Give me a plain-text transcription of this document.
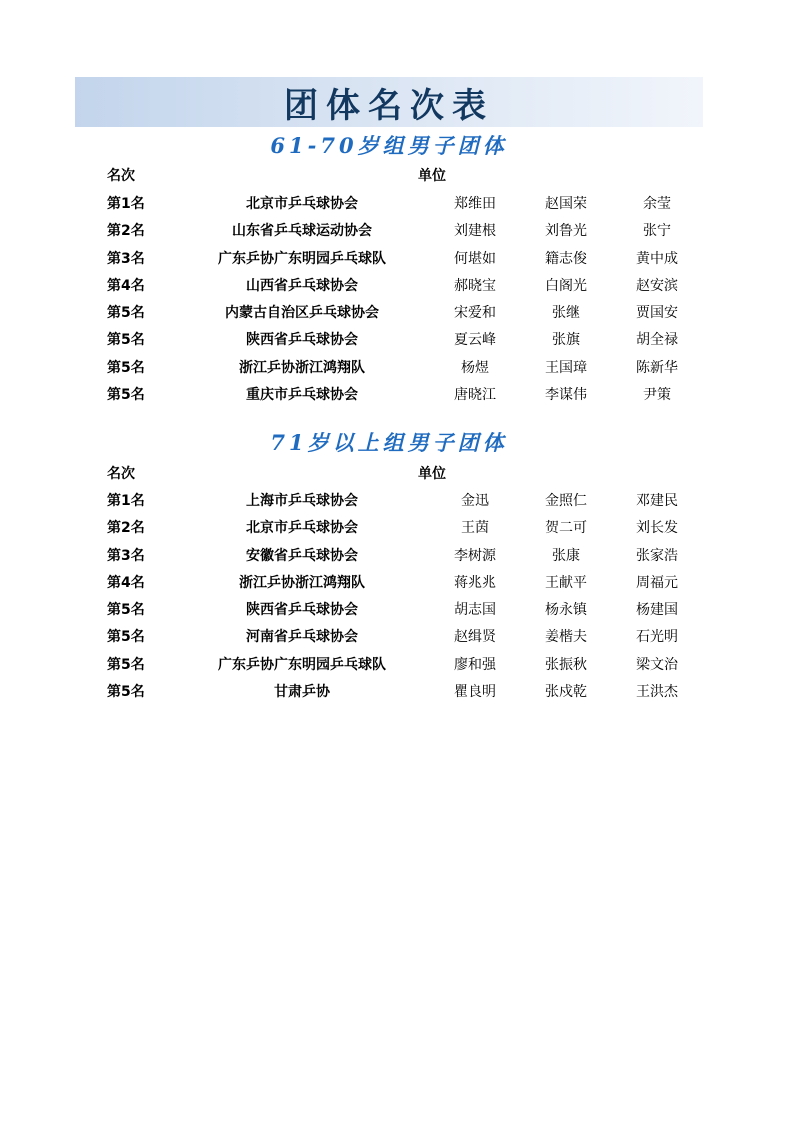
团体名次表
61-70岁组男子团体
名次	单位
第1名	北京市乒乓球协会	郑维田	赵国荣	余莹
第2名	山东省乒乓球运动协会	刘建根	刘鲁光	张宁
第3名	广东乒协广东明园乒乓球队	何堪如	籍志俊	黄中成
第4名	山西省乒乓球协会	郝晓宝	白阁光	赵安滨
第5名	内蒙古自治区乒乓球协会	宋爱和	张继	贾国安
第5名	陕西省乒乓球协会	夏云峰	张旗	胡全禄
第5名	浙江乒协浙江鸿翔队	杨煜	王国璋	陈新华
第5名	重庆市乒乓球协会	唐晓江	李谋伟	尹策
71岁以上组男子团体
名次	单位
第1名	上海市乒乓球协会	金迅	金照仁	邓建民
第2名	北京市乒乓球协会	王茵	贺二可	刘长发
第3名	安徽省乒乓球协会	李树源	张康	张家浩
第4名	浙江乒协浙江鸿翔队	蒋兆兆	王献平	周福元
第5名	陕西省乒乓球协会	胡志国	杨永镇	杨建国
第5名	河南省乒乓球协会	赵缉贤	姜楷夫	石光明
第5名	广东乒协广东明园乒乓球队	廖和强	张振秋	梁文治
第5名	甘肃乒协	瞿良明	张戍乾	王洪杰
